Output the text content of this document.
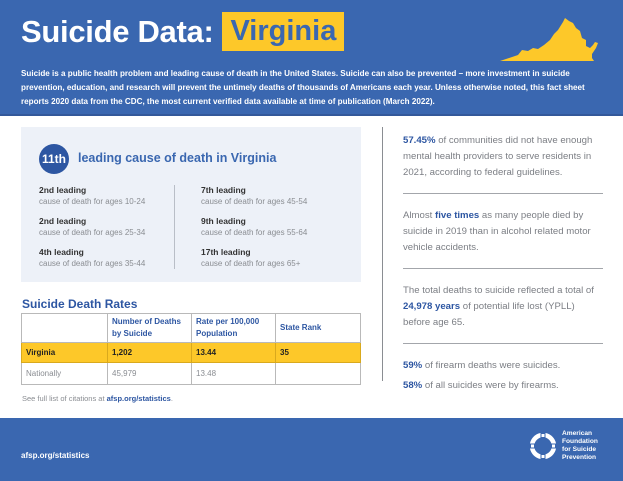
Suicide Data: Virginia

Suicide is a public health problem and leading cause of death in the United States. Suicide can also be prevented – more investment in suicide prevention, education, and research will prevent the untimely deaths of thousands of Americans each year. Unless otherwise noted, this fact sheet reports 2020 data from the CDC, the most current verified data available at time of publication (March 2022).

11th leading cause of death in Virginia
2nd leading
cause of death for ages 10-24
2nd leading
cause of death for ages 25-34
4th leading
cause of death for ages 35-44
7th leading
cause of death for ages 45-54
9th leading
cause of death for ages 55-64
17th leading
cause of death for ages 65+
Suicide Death Rates
	Number of Deaths by Suicide	Rate per 100,000 Population	State Rank
Virginia	1,202	13.44	35
Nationally	45,979	13.48	
See full list of citations at afsp.org/statistics.

57.45% of communities did not have enough mental health providers to serve residents in 2021, according to federal guidelines.

Almost five times as many people died by suicide in 2019 than in alcohol related motor vehicle accidents.

The total deaths to suicide reflected a total of 24,978 years of potential life lost (YPLL) before age 65.

59% of firearm deaths were suicides.

58% of all suicides were by firearms.

afsp.org/statistics
American
Foundation
for Suicide
Prevention
